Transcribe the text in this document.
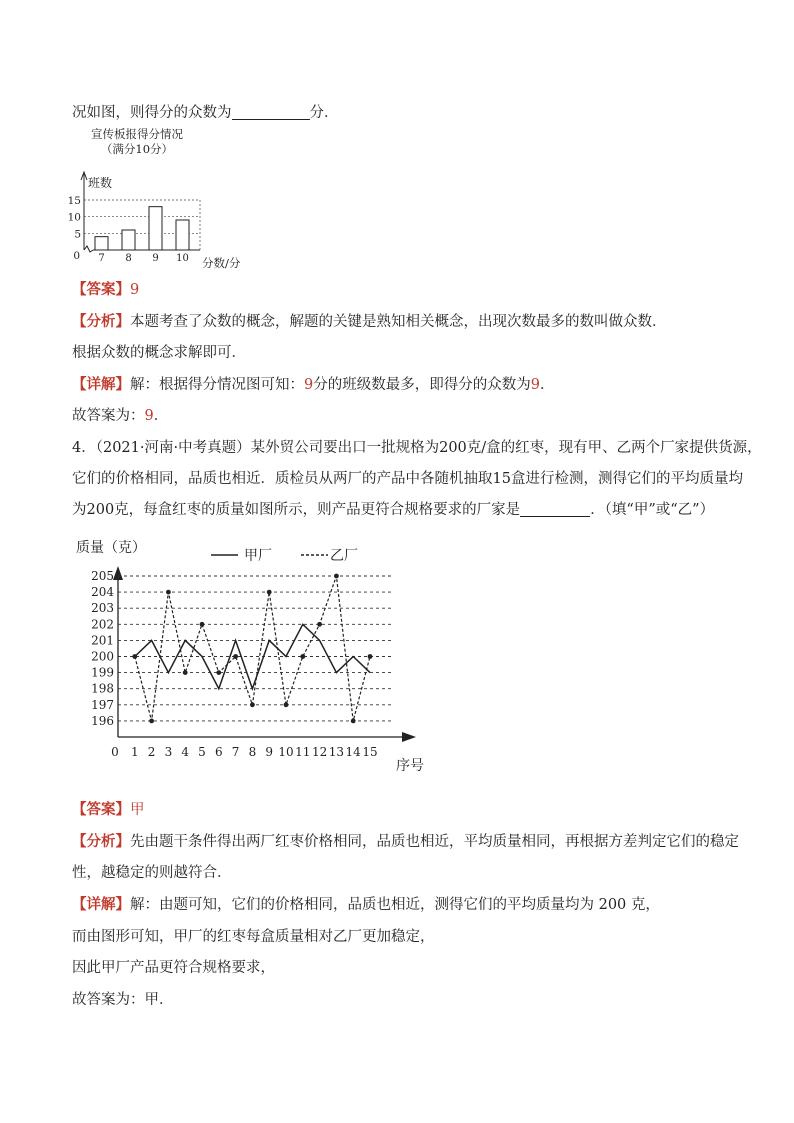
况如图，则得分的众数为	分．
宣传板报得分情况
（满分10分）
班数
分数/分
0
5
10
15
7 8 9 10
【答案】9
【分析】本题考查了众数的概念，解题的关键是熟知相关概念，出现次数最多的数叫做众数．
根据众数的概念求解即可．
【详解】解：根据得分情况图可知：9分的班级数最多，即得分的众数为9．
故答案为：9．
4．（2021·河南·中考真题）某外贸公司要出口一批规格为200克/盒的红枣，现有甲、乙两个厂家提供货源，
它们的价格相同，品质也相近．质检员从两厂的产品中各随机抽取15盒进行检测，测得它们的平均质量均
为200克，每盒红枣的质量如图所示，则产品更符合规格要求的厂家是	．（填“甲”或“乙”）
质量（克）	甲厂	乙厂
序号
196
197
198
199
200
201
202
203
204
205
0 1 2 3 4 5 6 7 8 9 10 11 12 13 14 15
【答案】甲
【分析】先由题干条件得出两厂红枣价格相同，品质也相近，平均质量相同，再根据方差判定它们的稳定
性，越稳定的则越符合．
【详解】解：由题可知，它们的价格相同，品质也相近，测得它们的平均质量均为 200 克，
而由图形可知，甲厂的红枣每盒质量相对乙厂更加稳定，
因此甲厂产品更符合规格要求，
故答案为：甲．
